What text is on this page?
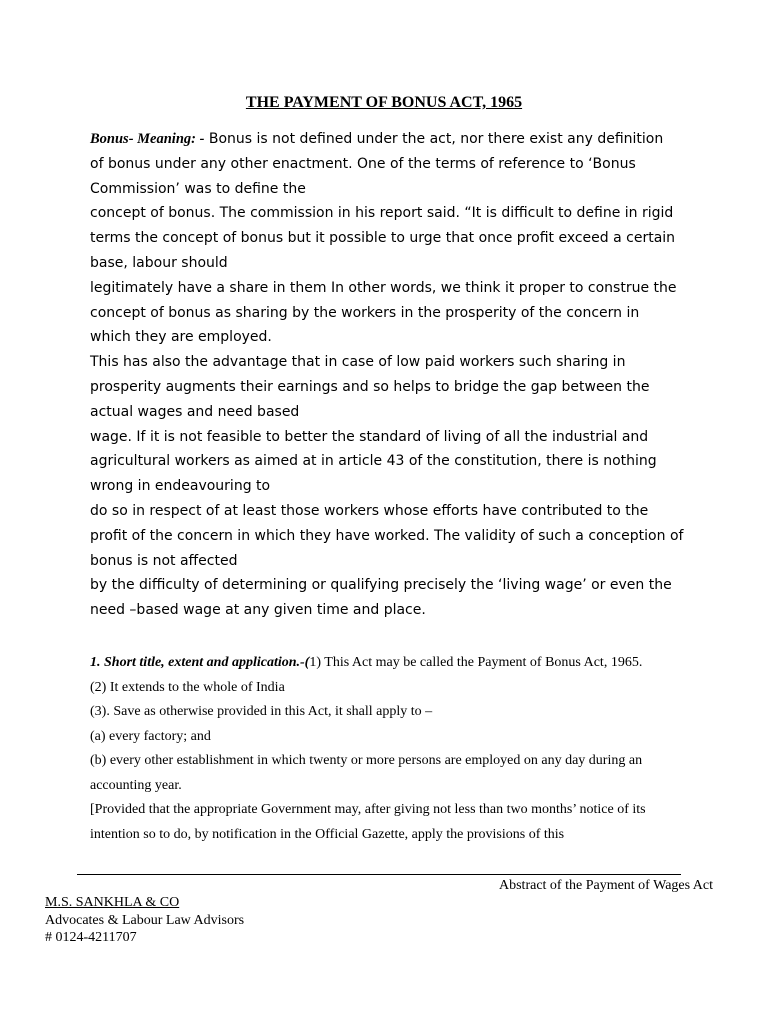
THE PAYMENT OF BONUS ACT, 1965
Bonus- Meaning: - Bonus is not defined under the act, nor there exist any definition
of bonus under any other enactment. One of the terms of reference to ‘Bonus
Commission’ was to define the
concept of bonus. The commission in his report said. “It is difficult to define in rigid
terms the concept of bonus but it possible to urge that once profit exceed a certain
base, labour should
legitimately have a share in them In other words, we think it proper to construe the
concept of bonus as sharing by the workers in the prosperity of the concern in
which they are employed.
This has also the advantage that in case of low paid workers such sharing in
prosperity augments their earnings and so helps to bridge the gap between the
actual wages and need based
wage. If it is not feasible to better the standard of living of all the industrial and
agricultural workers as aimed at in article 43 of the constitution, there is nothing
wrong in endeavouring to
do so in respect of at least those workers whose efforts have contributed to the
profit of the concern in which they have worked. The validity of such a conception of
bonus is not affected
by the difficulty of determining or qualifying precisely the ‘living wage’ or even the
need –based wage at any given time and place.
1. Short title, extent and application.-(1) This Act may be called the Payment of Bonus Act, 1965.
(2) It extends to the whole of India
(3). Save as otherwise provided in this Act, it shall apply to –
(a) every factory; and
(b) every other establishment in which twenty or more persons are employed on any day during an
accounting year.
[Provided that the appropriate Government may, after giving not less than two months’ notice of its
intention so to do, by notification in the Official Gazette, apply the provisions of this
Abstract of the Payment of Wages Act
M.S. SANKHLA & CO
Advocates & Labour Law Advisors
# 0124-4211707
